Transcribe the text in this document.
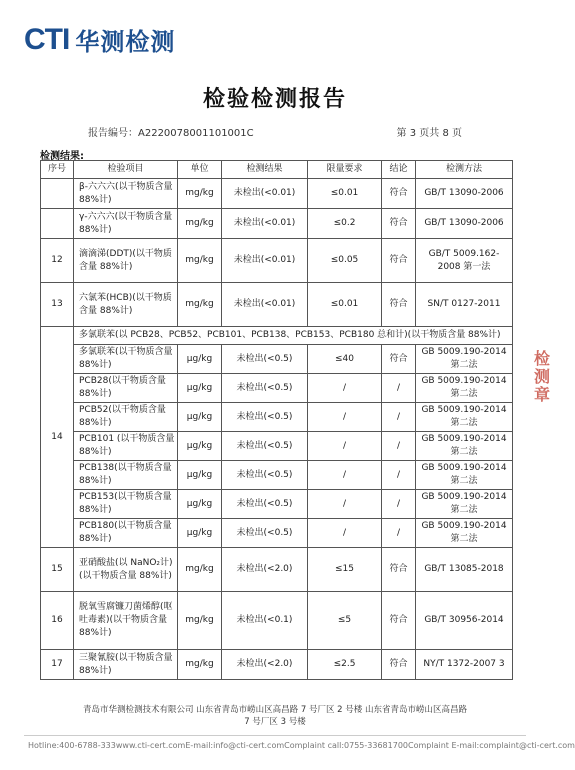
CTI 华测检测
检验检测报告
报告编号：A2220078001101001C	第 3 页共 8 页
检测结果:
序号	检验项目	单位	检测结果	限量要求	结论	检测方法
	β-六六六(以干物质含量 88%计)	mg/kg	未检出(<0.01)	≤0.01	符合	GB/T 13090-2006
	γ-六六六(以干物质含量 88%计)	mg/kg	未检出(<0.01)	≤0.2	符合	GB/T 13090-2006
12	滴滴涕(DDT)(以干物质含量 88%计)	mg/kg	未检出(<0.01)	≤0.05	符合	GB/T 5009.162-2008 第一法
13	六氯苯(HCB)(以干物质含量 88%计)	mg/kg	未检出(<0.01)	≤0.01	符合	SN/T 0127-2011
14	多氯联苯(以 PCB28、PCB52、PCB101、PCB138、PCB153、PCB180 总和计)(以干物质含量 88%计)					
	多氯联苯(以干物质含量 88%计)	μg/kg	未检出(<0.5)	≤40	符合	GB 5009.190-2014 第二法
	PCB28(以干物质含量 88%计)	μg/kg	未检出(<0.5)	/	/	GB 5009.190-2014 第二法
	PCB52(以干物质含量 88%计)	μg/kg	未检出(<0.5)	/	/	GB 5009.190-2014 第二法
	PCB101 (以干物质含量 88%计)	μg/kg	未检出(<0.5)	/	/	GB 5009.190-2014 第二法
	PCB138(以干物质含量 88%计)	μg/kg	未检出(<0.5)	/	/	GB 5009.190-2014 第二法
	PCB153(以干物质含量 88%计)	μg/kg	未检出(<0.5)	/	/	GB 5009.190-2014 第二法
	PCB180(以干物质含量 88%计)	μg/kg	未检出(<0.5)	/	/	GB 5009.190-2014 第二法
15	亚硝酸盐(以 NaNO₂计)(以干物质含量 88%计)	mg/kg	未检出(<2.0)	≤15	符合	GB/T 13085-2018
16	脱氧雪腐镰刀菌烯醇(呕吐毒素)(以干物质含量 88%计)	mg/kg	未检出(<0.1)	≤5	符合	GB/T 30956-2014
17	三聚氰胺(以干物质含量 88%计)	mg/kg	未检出(<2.0)	≤2.5	符合	NY/T 1372-2007 3
检
测
章
青岛市华测检测技术有限公司 山东省青岛市崂山区高昌路 7 号厂区 2 号楼 山东省青岛市崂山区高昌路 7 号厂区 3 号楼
Hotline:400-6788-333 www.cti-cert.com E-mail:info@cti-cert.com Complaint call:0755-33681700 Complaint E-mail:complaint@cti-cert.com
